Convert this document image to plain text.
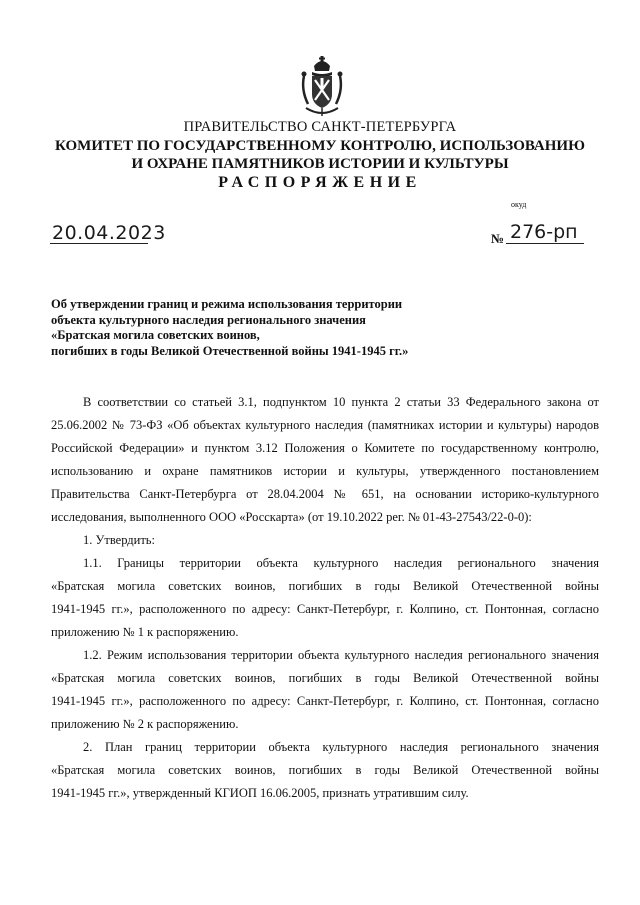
ПРАВИТЕЛЬСТВО САНКТ-ПЕТЕРБУРГА
КОМИТЕТ ПО ГОСУДАРСТВЕННОМУ КОНТРОЛЮ, ИСПОЛЬЗОВАНИЮ
И ОХРАНЕ ПАМЯТНИКОВ ИСТОРИИ И КУЛЬТУРЫ
РАСПОРЯЖЕНИЕ
окуд
20.04.2023	№ 276-рп
Об утверждении границ и режима использования территории
объекта культурного наследия регионального значения
«Братская могила советских воинов,
погибших в годы Великой Отечественной войны 1941-1945 гг.»
В соответствии со статьей 3.1, подпунктом 10 пункта 2 статьи 33 Федерального закона от
25.06.2002 № 73-ФЗ «Об объектах культурного наследия (памятниках истории и культуры) народов
Российской Федерации» и пунктом 3.12 Положения о Комитете по государственному контролю,
использованию и охране памятников истории и культуры, утвержденного постановлением
Правительства Санкт-Петербурга от 28.04.2004 № 651, на основании историко-культурного
исследования, выполненного ООО «Росскарта» (от 19.10.2022 рег. № 01-43-27543/22-0-0):
1. Утвердить:
1.1. Границы территории объекта культурного наследия регионального значения
«Братская могила советских воинов, погибших в годы Великой Отечественной войны
1941-1945 гг.», расположенного по адресу: Санкт-Петербург, г. Колпино, ст. Понтонная, согласно
приложению № 1 к распоряжению.
1.2. Режим использования территории объекта культурного наследия регионального значения
«Братская могила советских воинов, погибших в годы Великой Отечественной войны
1941-1945 гг.», расположенного по адресу: Санкт-Петербург, г. Колпино, ст. Понтонная, согласно
приложению № 2 к распоряжению.
2. План границ территории объекта культурного наследия регионального значения
«Братская могила советских воинов, погибших в годы Великой Отечественной войны
1941-1945 гг.», утвержденный КГИОП 16.06.2005, признать утратившим силу.
